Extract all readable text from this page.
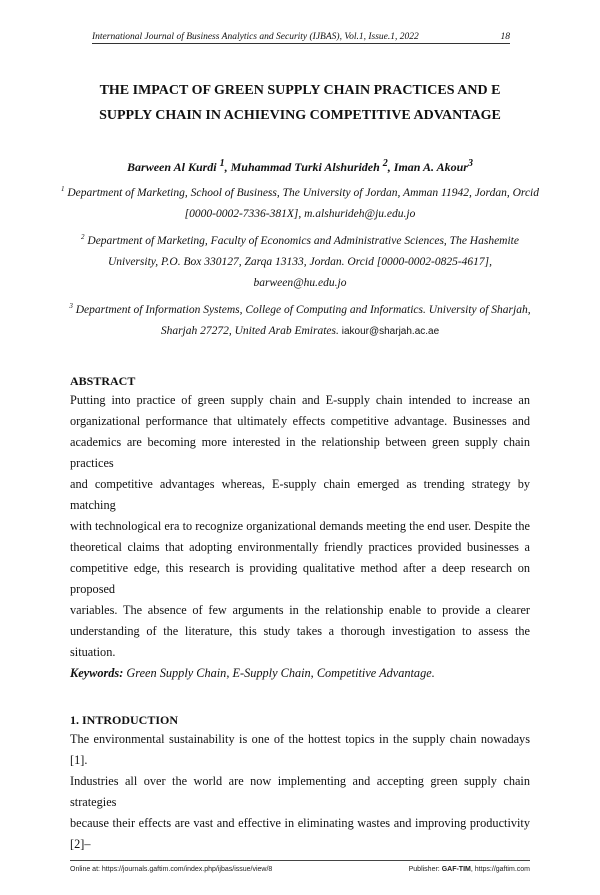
International Journal of Business Analytics and Security (IJBAS), Vol.1, Issue.1, 2022	18
THE IMPACT OF GREEN SUPPLY CHAIN PRACTICES AND E
SUPPLY CHAIN IN ACHIEVING COMPETITIVE ADVANTAGE
Barween Al Kurdi $^1$, Muhammad Turki Alshurideh $^2$, Iman A. Akour$^3$
$^1$ Department of Marketing, School of Business, The University of Jordan, Amman 11942, Jordan, Orcid
[0000-0002-7336-381X], m.alshurideh@ju.edu.jo
$^2$ Department of Marketing, Faculty of Economics and Administrative Sciences, The Hashemite
University, P.O. Box 330127, Zarqa 13133, Jordan. Orcid [0000-0002-0825-4617],
barween@hu.edu.jo
$^3$ Department of Information Systems, College of Computing and Informatics. University of Sharjah,
Sharjah 27272, United Arab Emirates. iakour@sharjah.ac.ae
ABSTRACT
Putting into practice of green supply chain and E-supply chain intended to increase an
organizational performance that ultimately effects competitive advantage. Businesses and
academics are becoming more interested in the relationship between green supply chain practices
and competitive advantages whereas, E-supply chain emerged as trending strategy by matching
with technological era to recognize organizational demands meeting the end user. Despite the
theoretical claims that adopting environmentally friendly practices provided businesses a
competitive edge, this research is providing qualitative method after a deep research on proposed
variables. The absence of few arguments in the relationship enable to provide a clearer
understanding of the literature, this study takes a thorough investigation to assess the situation.
Keywords: Green Supply Chain, E-Supply Chain, Competitive Advantage.
1. INTRODUCTION
The environmental sustainability is one of the hottest topics in the supply chain nowadays [1].
Industries all over the world are now implementing and accepting green supply chain strategies
because their effects are vast and effective in eliminating wastes and improving productivity [2]–
Online at: https://journals.gaftim.com/index.php/ijbas/issue/view/8	Publisher: GAF-TIM, https://gaftim.com
